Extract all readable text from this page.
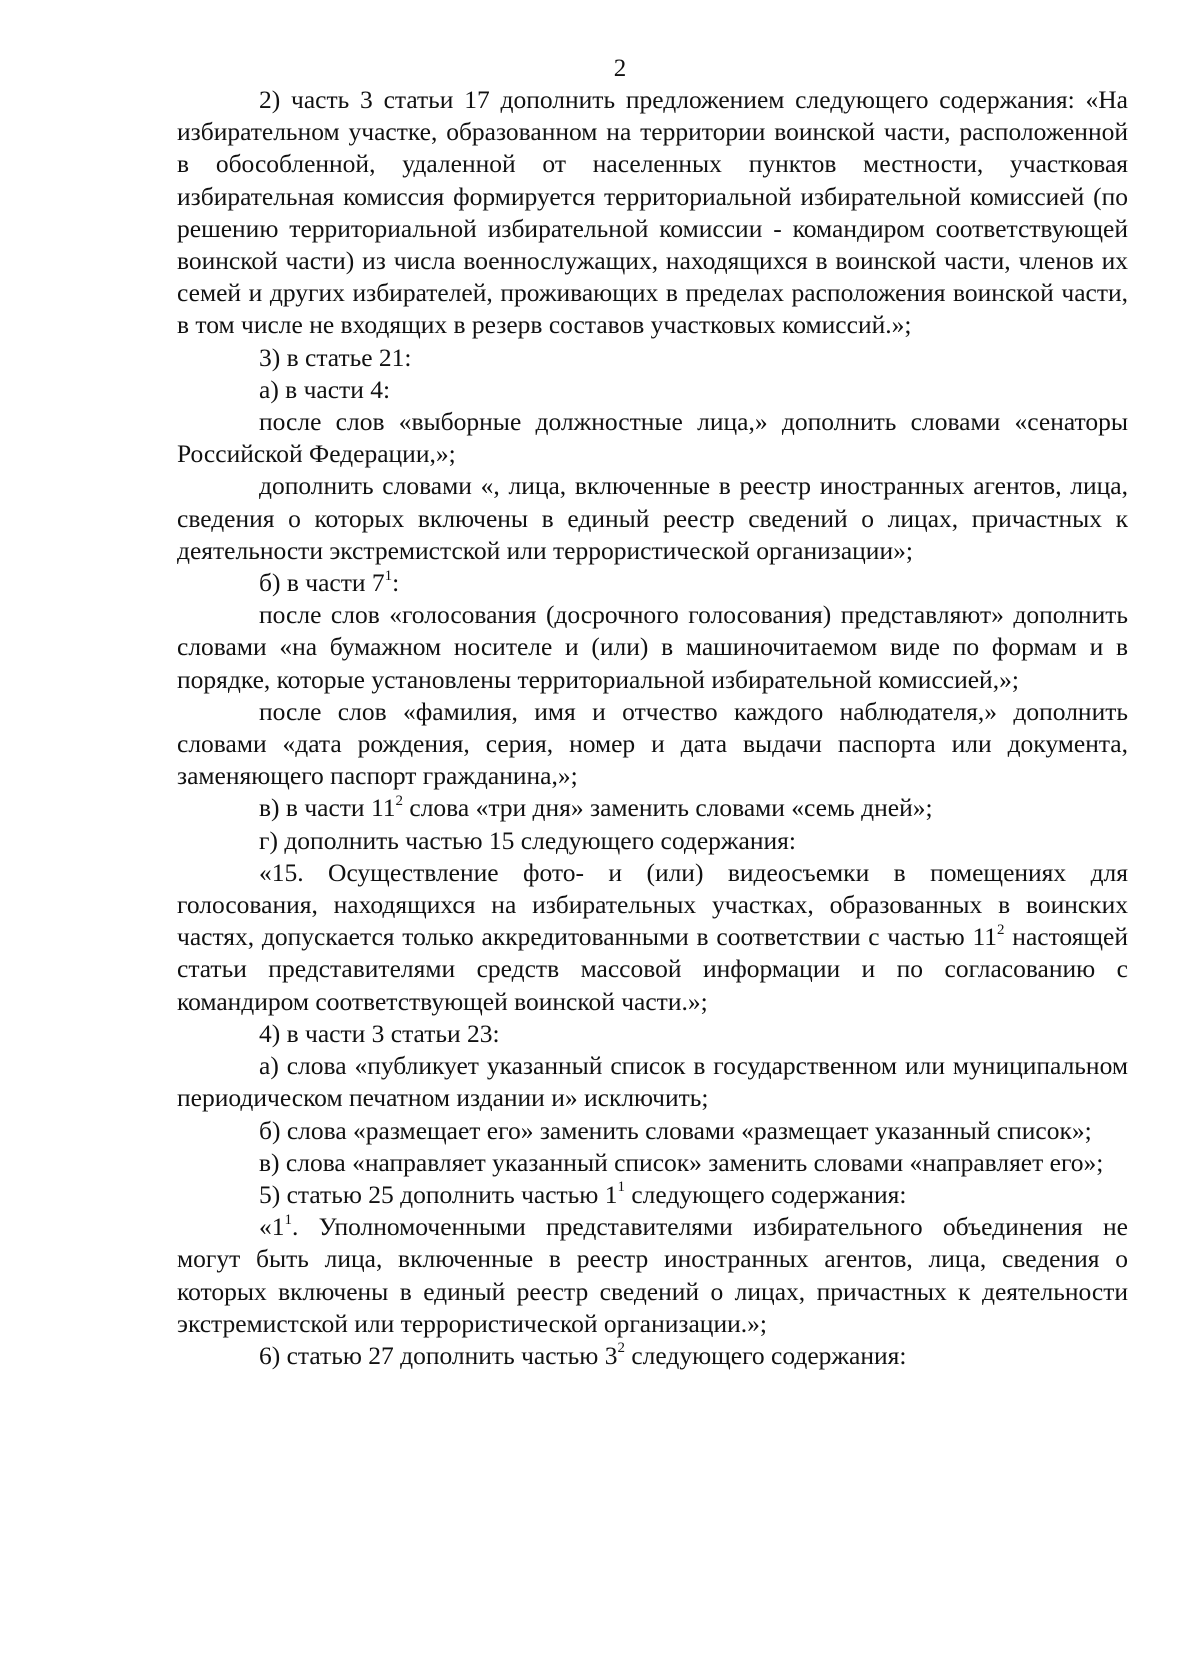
2

2) часть 3 статьи 17 дополнить предложением следующего содержания: «На избирательном участке, образованном на территории воинской части, расположенной в обособленной, удаленной от населенных пунктов местности, участковая избирательная комиссия формируется территориальной избирательной комиссией (по решению территориальной избирательной комиссии - командиром соответствующей воинской части) из числа военнослужащих, находящихся в воинской части, членов их семей и других избирателей, проживающих в пределах расположения воинской части, в том числе не входящих в резерв составов участковых комиссий.»;

3) в статье 21:

а) в части 4:

после слов «выборные должностные лица,» дополнить словами «сенаторы Российской Федерации,»;

дополнить словами «, лица, включенные в реестр иностранных агентов, лица, сведения о которых включены в единый реестр сведений о лицах, причастных к деятельности экстремистской или террористической организации»;

б) в части $7^1$:

после слов «голосования (досрочного голосования) представляют» дополнить словами «на бумажном носителе и (или) в машиночитаемом виде по формам и в порядке, которые установлены территориальной избирательной комиссией,»;

после слов «фамилия, имя и отчество каждого наблюдателя,» дополнить словами «дата рождения, серия, номер и дата выдачи паспорта или документа, заменяющего паспорт гражданина,»;

в) в части $11^2$ слова «три дня» заменить словами «семь дней»;

г) дополнить частью 15 следующего содержания:

«15. Осуществление фото- и (или) видеосъемки в помещениях для голосования, находящихся на избирательных участках, образованных в воинских частях, допускается только аккредитованными в соответствии с частью $11^2$ настоящей статьи представителями средств массовой информации и по согласованию с командиром соответствующей воинской части.»;

4) в части 3 статьи 23:

а) слова «публикует указанный список в государственном или муниципальном периодическом печатном издании и» исключить;

б) слова «размещает его» заменить словами «размещает указанный список»;

в) слова «направляет указанный список» заменить словами «направляет его»;

5) статью 25 дополнить частью $1^1$ следующего содержания:

«$1^1$. Уполномоченными представителями избирательного объединения не могут быть лица, включенные в реестр иностранных агентов, лица, сведения о которых включены в единый реестр сведений о лицах, причастных к деятельности экстремистской или террористической организации.»;

6) статью 27 дополнить частью $3^2$ следующего содержания:
